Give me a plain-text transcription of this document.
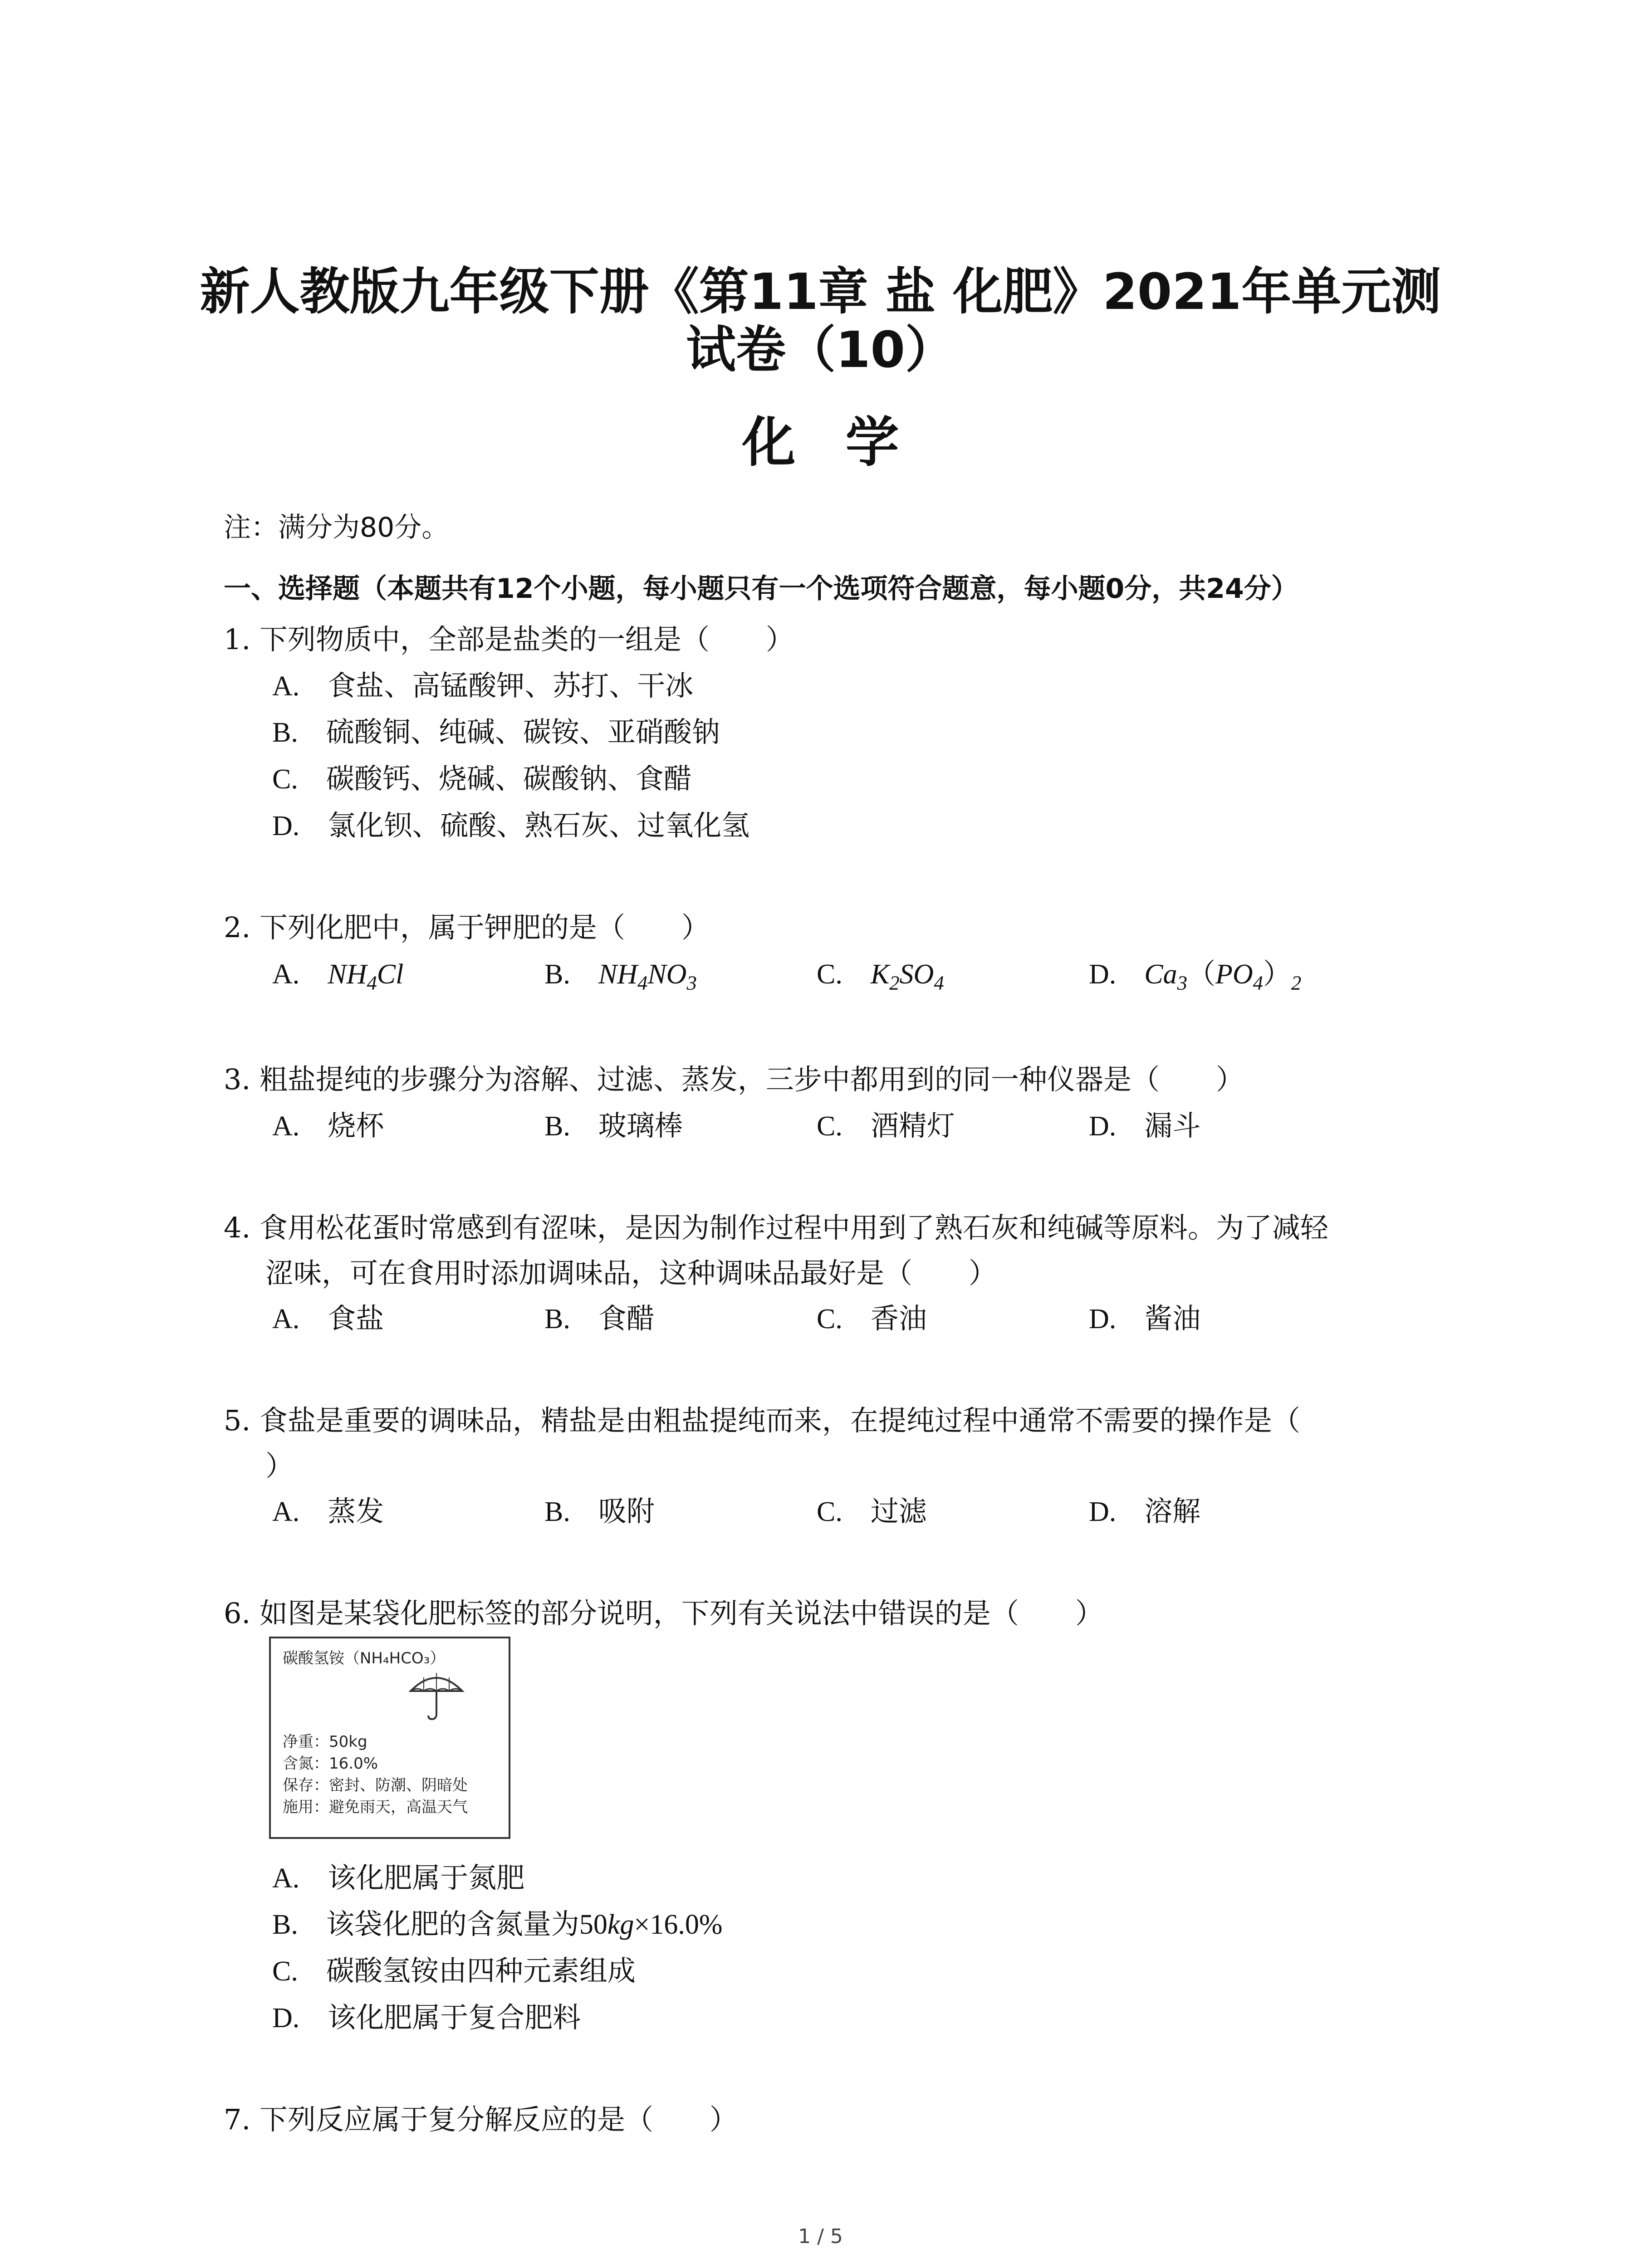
新人教版九年级下册《第11章 盐 化肥》2021年单元测
试卷（10）
化学
注：满分为80分。
一、选择题（本题共有12个小题，每小题只有一个选项符合题意，每小题0分，共24分）
1. 下列物质中，全部是盐类的一组是（　　）
A.　 食盐、高锰酸钾、苏打、干冰
B.　 硫酸铜、纯碱、碳铵、亚硝酸钠
C.　 碳酸钙、烧碱、碳酸钠、食醋
D.　 氯化钡、硫酸、熟石灰、过氧化氢
2. 下列化肥中，属于钾肥的是（　　）
A.　 $NH_4Cl$	B.　 $NH_4NO_3$	C.　 $K_2SO_4$	D.　 $Ca_3(PO_4)_2$
3. 粗盐提纯的步骤分为溶解、过滤、蒸发，三步中都用到的同一种仪器是（　　）
A.　 烧杯	B.　 玻璃棒	C.　 酒精灯	D.　 漏斗
4. 食用松花蛋时常感到有涩味，是因为制作过程中用到了熟石灰和纯碱等原料。为了减轻
涩味，可在食用时添加调味品，这种调味品最好是（　　）
A.　 食盐	B.　 食醋	C.　 香油	D.　 酱油
5. 食盐是重要的调味品，精盐是由粗盐提纯而来，在提纯过程中通常不需要的操作是（
）
A.　 蒸发	B.　 吸附	C.　 过滤	D.　 溶解
6. 如图是某袋化肥标签的部分说明，下列有关说法中错误的是（　　）
碳酸氢铵（NH₄HCO₃）
净重：50kg
含氮：16.0%
保存：密封、防潮、阴暗处
施用：避免雨天，高温天气
A.　 该化肥属于氮肥
B.　 该袋化肥的含氮量为50kg×16.0%
C.　 碳酸氢铵由四种元素组成
D.　 该化肥属于复合肥料
7. 下列反应属于复分解反应的是（　　）
1 / 5
